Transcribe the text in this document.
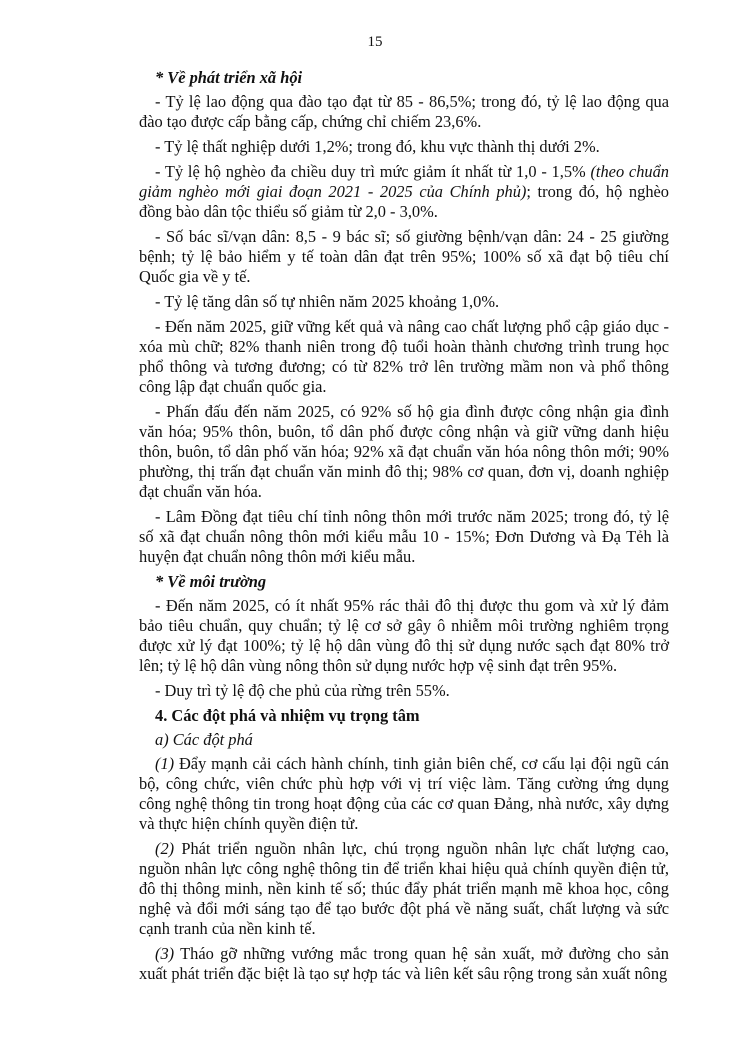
15

* Về phát triển xã hội

- Tỷ lệ lao động qua đào tạo đạt từ 85 - 86,5%; trong đó, tỷ lệ lao động qua đào tạo được cấp bằng cấp, chứng chỉ chiếm 23,6%.

- Tỷ lệ thất nghiệp dưới 1,2%; trong đó, khu vực thành thị dưới 2%.

- Tỷ lệ hộ nghèo đa chiều duy trì mức giảm ít nhất từ 1,0 - 1,5% (theo chuẩn giảm nghèo mới giai đoạn 2021 - 2025 của Chính phủ); trong đó, hộ nghèo đồng bào dân tộc thiểu số giảm từ 2,0 - 3,0%.

- Số bác sĩ/vạn dân: 8,5 - 9 bác sĩ; số giường bệnh/vạn dân: 24 - 25 giường bệnh; tỷ lệ bảo hiểm y tế toàn dân đạt trên 95%; 100% số xã đạt bộ tiêu chí Quốc gia về y tế.

- Tỷ lệ tăng dân số tự nhiên năm 2025 khoảng 1,0%.

- Đến năm 2025, giữ vững kết quả và nâng cao chất lượng phổ cập giáo dục - xóa mù chữ; 82% thanh niên trong độ tuổi hoàn thành chương trình trung học phổ thông và tương đương; có từ 82% trở lên trường mầm non và phổ thông công lập đạt chuẩn quốc gia.

- Phấn đấu đến năm 2025, có 92% số hộ gia đình được công nhận gia đình văn hóa; 95% thôn, buôn, tổ dân phố được công nhận và giữ vững danh hiệu thôn, buôn, tổ dân phố văn hóa; 92% xã đạt chuẩn văn hóa nông thôn mới; 90% phường, thị trấn đạt chuẩn văn minh đô thị; 98% cơ quan, đơn vị, doanh nghiệp đạt chuẩn văn hóa.

- Lâm Đồng đạt tiêu chí tỉnh nông thôn mới trước năm 2025; trong đó, tỷ lệ số xã đạt chuẩn nông thôn mới kiểu mẫu 10 - 15%; Đơn Dương và Đạ Tẻh là huyện đạt chuẩn nông thôn mới kiểu mẫu.

* Về môi trường

- Đến năm 2025, có ít nhất 95% rác thải đô thị được thu gom và xử lý đảm bảo tiêu chuẩn, quy chuẩn; tỷ lệ cơ sở gây ô nhiễm môi trường nghiêm trọng được xử lý đạt 100%; tỷ lệ hộ dân vùng đô thị sử dụng nước sạch đạt 80% trở lên; tỷ lệ hộ dân vùng nông thôn sử dụng nước hợp vệ sinh đạt trên 95%.

- Duy trì tỷ lệ độ che phủ của rừng trên 55%.

4. Các đột phá và nhiệm vụ trọng tâm

a) Các đột phá

(1) Đẩy mạnh cải cách hành chính, tinh giản biên chế, cơ cấu lại đội ngũ cán bộ, công chức, viên chức phù hợp với vị trí việc làm. Tăng cường ứng dụng công nghệ thông tin trong hoạt động của các cơ quan Đảng, nhà nước, xây dựng và thực hiện chính quyền điện tử.

(2) Phát triển nguồn nhân lực, chú trọng nguồn nhân lực chất lượng cao, nguồn nhân lực công nghệ thông tin để triển khai hiệu quả chính quyền điện tử, đô thị thông minh, nền kinh tế số; thúc đẩy phát triển mạnh mẽ khoa học, công nghệ và đổi mới sáng tạo để tạo bước đột phá về năng suất, chất lượng và sức cạnh tranh của nền kinh tế.

(3) Tháo gỡ những vướng mắc trong quan hệ sản xuất, mở đường cho sản xuất phát triển đặc biệt là tạo sự hợp tác và liên kết sâu rộng trong sản xuất nông
